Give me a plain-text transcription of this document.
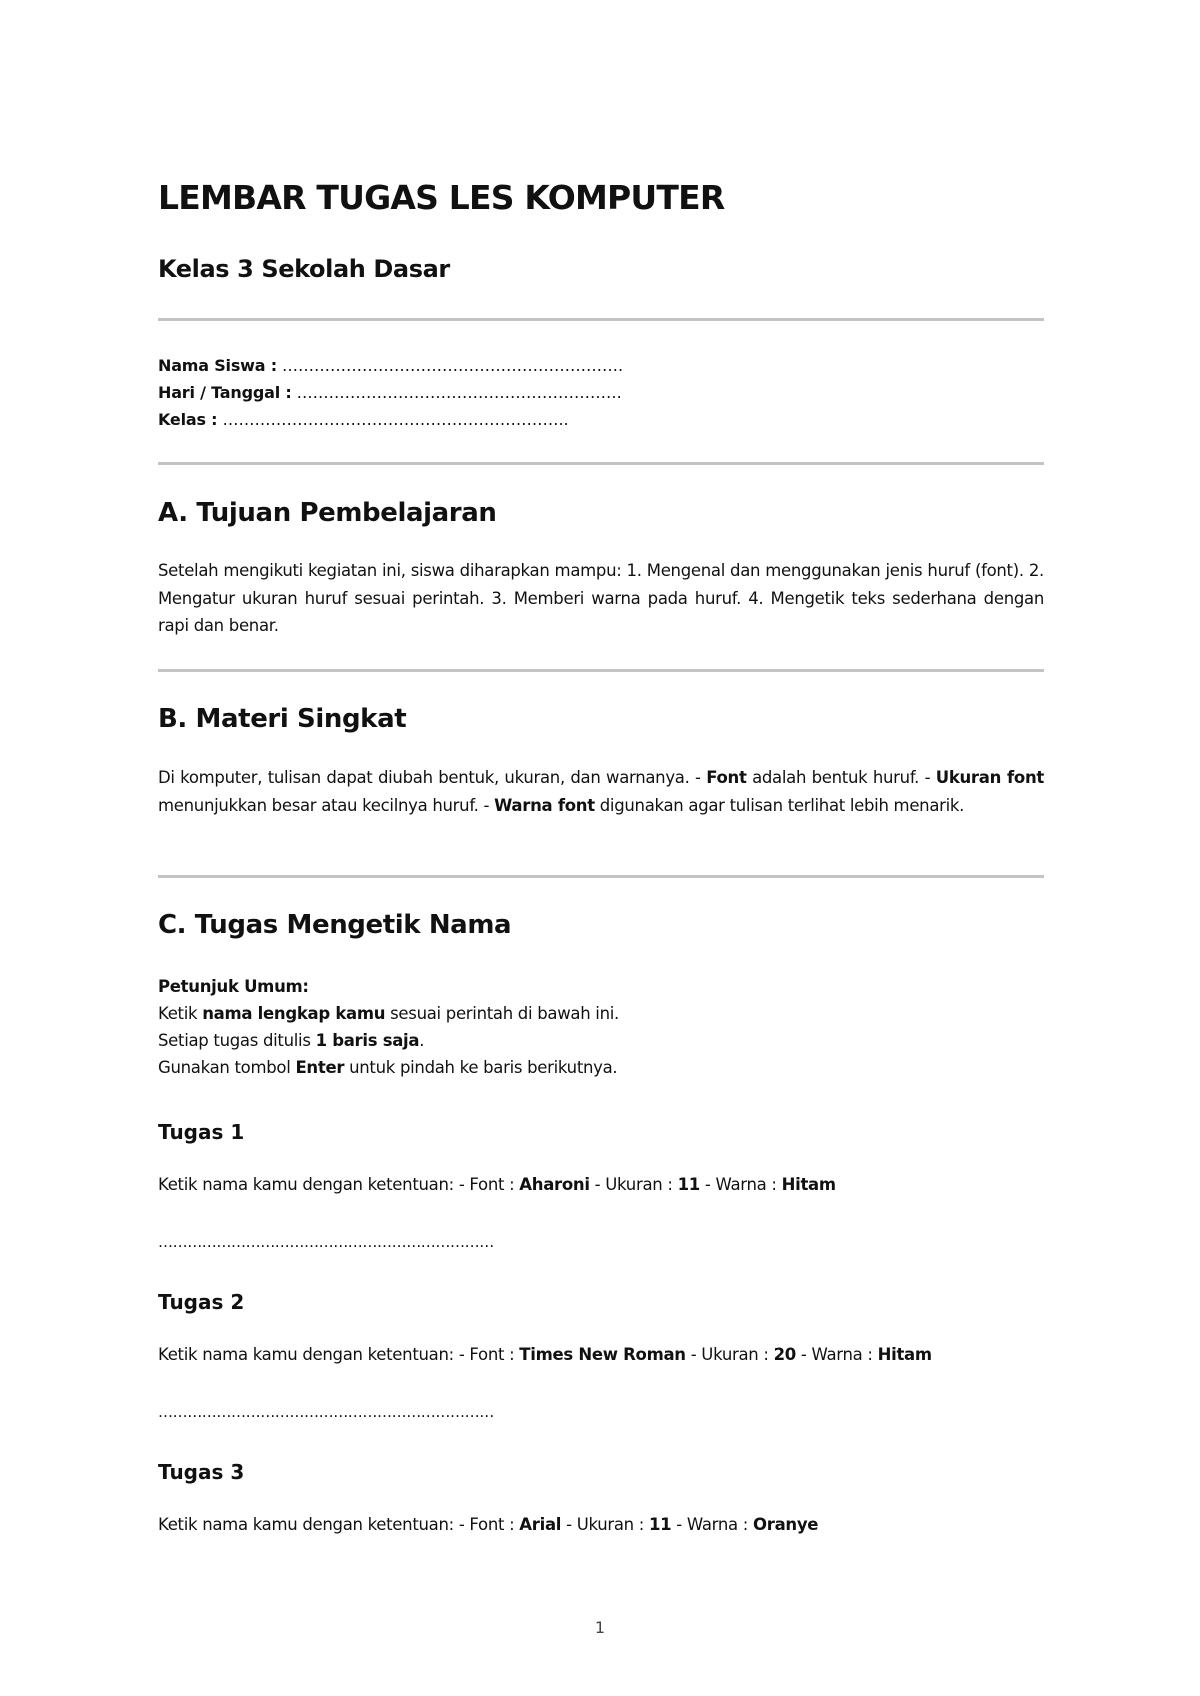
LEMBAR TUGAS LES KOMPUTER
Kelas 3 Sekolah Dasar

Nama Siswa : ……………………………………………………….

Hari / Tanggal : …………………………………………………….

Kelas : ………………………………………………………..

A. Tujuan Pembelajaran

Setelah mengikuti kegiatan ini, siswa diharapkan mampu: 1. Mengenal dan menggunakan jenis huruf (font). 2. Mengatur ukuran huruf sesuai perintah. 3. Memberi warna pada huruf. 4. Mengetik teks sederhana dengan rapi dan benar.

B. Materi Singkat

Di komputer, tulisan dapat diubah bentuk, ukuran, dan warnanya. - Font adalah bentuk huruf. - Ukuran font menunjukkan besar atau kecilnya huruf. - Warna font digunakan agar tulisan terlihat lebih menarik.

C. Tugas Mengetik Nama

Petunjuk Umum:

Ketik nama lengkap kamu sesuai perintah di bawah ini.

Setiap tugas ditulis 1 baris saja.

Gunakan tombol Enter untuk pindah ke baris berikutnya.

Tugas 1

Ketik nama kamu dengan ketentuan: - Font : Aharoni - Ukuran : 11 - Warna : Hitam

……………………………………………………………

Tugas 2

Ketik nama kamu dengan ketentuan: - Font : Times New Roman - Ukuran : 20 - Warna : Hitam

……………………………………………………………

Tugas 3

Ketik nama kamu dengan ketentuan: - Font : Arial - Ukuran : 11 - Warna : Oranye

1
